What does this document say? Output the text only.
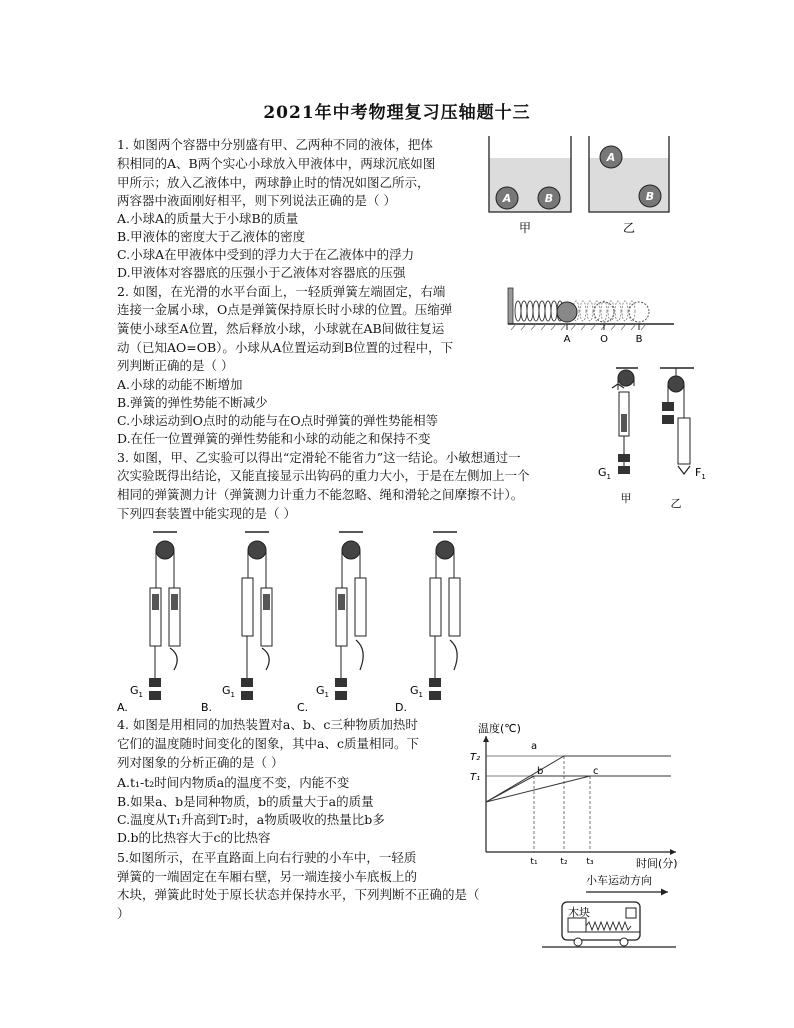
2021年中考物理复习压轴题十三
1. 如图两个容器中分别盛有甲、乙两种不同的液体，把体
积相同的A、B两个实心小球放入甲液体中，两球沉底如图
甲所示；放入乙液体中，两球静止时的情况如图乙所示，
两容器中液面刚好相平，则下列说法正确的是（ ）
A.小球A的质量大于小球B的质量
B.甲液体的密度大于乙液体的密度
C.小球A在甲液体中受到的浮力大于在乙液体中的浮力
D.甲液体对容器底的压强小于乙液体对容器底的压强
A	B
甲
A
B
乙
2. 如图，在光滑的水平台面上，一轻质弹簧左端固定，右端
连接一金属小球，O点是弹簧保持原长时小球的位置。压缩弹
簧使小球至A位置，然后释放小球，小球就在AB间做往复运
动（已知AO=OB）。小球从A位置运动到B位置的过程中，下
列判断正确的是（ ）
A.小球的动能不断增加
B.弹簧的弹性势能不断减少
C.小球运动到O点时的动能与在O点时弹簧的弹性势能相等
D.在任一位置弹簧的弹性势能和小球的动能之和保持不变
A	O	B
3. 如图，甲、乙实验可以得出“定滑轮不能省力”这一结论。小敏想通过一
次实验既得出结论，又能直接显示出钩码的重力大小，于是在左侧加上一个
相同的弹簧测力计（弹簧测力计重力不能忽略、绳和滑轮之间摩擦不计）。
下列四套装置中能实现的是（ ）
$G_1$
甲
$F_1$
乙
$G_1$
A.
$G_1$
B.
$G_1$
C.
$G_1$
D.
4. 如图是用相同的加热装置对a、b、c三种物质加热时
它们的温度随时间变化的图象，其中a、c质量相同。下
列对图象的分析正确的是（ ）
A.t₁-t₂时间内物质a的温度不变，内能不变
B.如果a、b是同种物质，b的质量大于a的质量
C.温度从T₁升高到T₂时，a物质吸收的热量比b多
D.b的比热容大于c的比热容
温度(℃)
时间(分)
T₂
T₁
t₁	t₂ t₃
a
b	c
5.如图所示，在平直路面上向右行驶的小车中，一轻质
弹簧的一端固定在车厢右壁，另一端连接小车底板上的
木块，弹簧此时处于原长状态并保持水平，下列判断不正确的是（
）
小车运动方向
木块
